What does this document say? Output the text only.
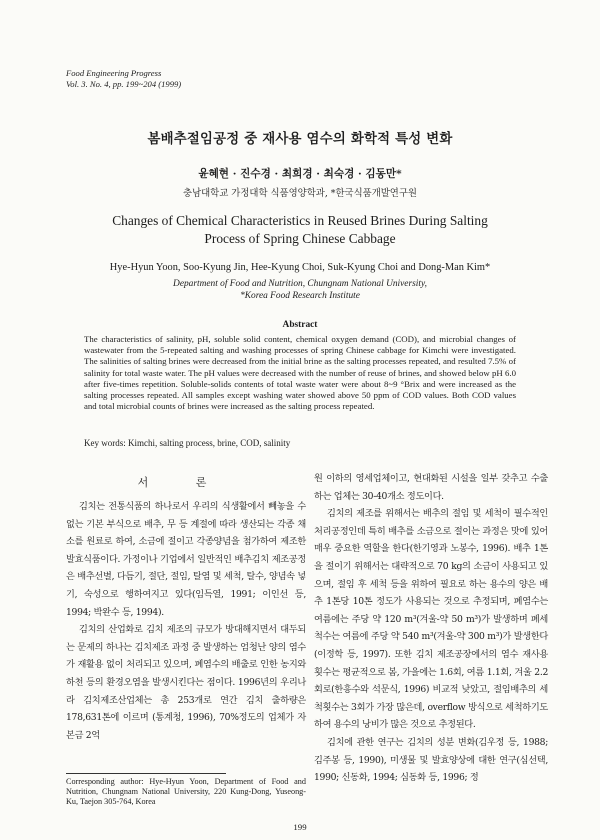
Food Engineering Progress
Vol. 3. No. 4, pp. 199~204 (1999)
봄배추절임공정 중 재사용 염수의 화학적 특성 변화
윤혜현 · 진수경 · 최희경 · 최숙경 · 김동만*
충남대학교 가정대학 식품영양학과, *한국식품개발연구원
Changes of Chemical Characteristics in Reused Brines During Salting
Process of Spring Chinese Cabbage
Hye-Hyun Yoon, Soo-Kyung Jin, Hee-Kyung Choi, Suk-Kyung Choi and Dong-Man Kim*
Department of Food and Nutrition, Chungnam National University,
*Korea Food Research Institute
Abstract

The characteristics of salinity, pH, soluble solid content, chemical oxygen demand (COD), and microbial changes of wastewater from the 5-repeated salting and washing processes of spring Chinese cabbage for Kimchi were investigated. The salinities of salting brines were decreased from the initial brine as the salting processes repeated, and resulted 7.5% of salinity for total waste water. The pH values were decreased with the number of reuse of brines, and showed below pH 6.0 after five-times repetition. Soluble-solids contents of total waste water were about 8~9 °Brix and were increased as the salting processes repeated. All samples except washing water showed above 50 ppm of COD values. Both COD values and total microbial counts of brines were increased as the salting process repeated.

Key words: Kimchi, salting process, brine, COD, salinity
서 론

김치는 전통식품의 하나로서 우리의 식생활에서 빼놓을 수 없는 기본 부식으로 배추, 무 등 계절에 따라 생산되는 각종 채소를 원료로 하여, 소금에 절이고 각종양념을 첨가하여 제조한 발효식품이다. 가정이나 기업에서 일반적인 배추김치 제조공정은 배추선별, 다듬기, 절단, 절임, 탈염 및 세척, 탈수, 양념속 넣기, 숙성으로 행하여지고 있다(임득열, 1991; 이인선 등, 1994; 박완수 등, 1994).

김치의 산업화로 김치 제조의 규모가 방대해지면서 대두되는 문제의 하나는 김치제조 과정 중 발생하는 엄청난 양의 염수가 재활용 없이 처리되고 있으며, 폐염수의 배출로 인한 농지와 하천 등의 환경오염을 발생시킨다는 점이다. 1996년의 우리나라 김치제조산업체는 총 253개로 연간 김치 출하량은 178,631톤에 이르며 (통계청, 1996), 70%정도의 업체가 자본금 2억

원 이하의 영세업체이고, 현대화된 시설을 일부 갖추고 수출하는 업체는 30-40개소 정도이다.

김치의 제조를 위해서는 배추의 절임 및 세척이 필수적인 처리공정인데 특히 배추를 소금으로 절이는 과정은 맛에 있어 매우 중요한 역할을 한다(한기영과 노봉수, 1996). 배추 1톤을 절이기 위해서는 대략적으로 70 kg의 소금이 사용되고 있으며, 절임 후 세척 등을 위하여 필요로 하는 용수의 양은 배추 1톤당 10톤 정도가 사용되는 것으로 추정되며, 폐염수는 여름에는 주당 약 120 m³(겨울-약 50 m³)가 발생하며 폐세척수는 여름에 주당 약 540 m³(겨울-약 300 m³)가 발생한다(이정학 등, 1997). 또한 김치 제조공장에서의 염수 재사용 횟수는 평균적으로 봄, 가을에는 1.6회, 여름 1.1회, 겨울 2.2회로(한흥수와 석문식, 1996) 비교적 낮았고, 절임배추의 세척횟수는 3회가 가장 많은데, overflow 방식으로 세척하기도 하여 용수의 낭비가 많은 것으로 추정된다.

김치에 관한 연구는 김치의 성분 변화(김우정 등, 1988; 김주봉 등, 1990), 미생물 및 발효양상에 대한 연구(심선택, 1990; 신동화, 1994; 심동화 등, 1996; 정

Corresponding author: Hye-Hyun Yoon, Department of Food and Nutrition, Chungnam National University, 220 Kung-Dong, Yuseong-Ku, Taejon 305-764, Korea
199
